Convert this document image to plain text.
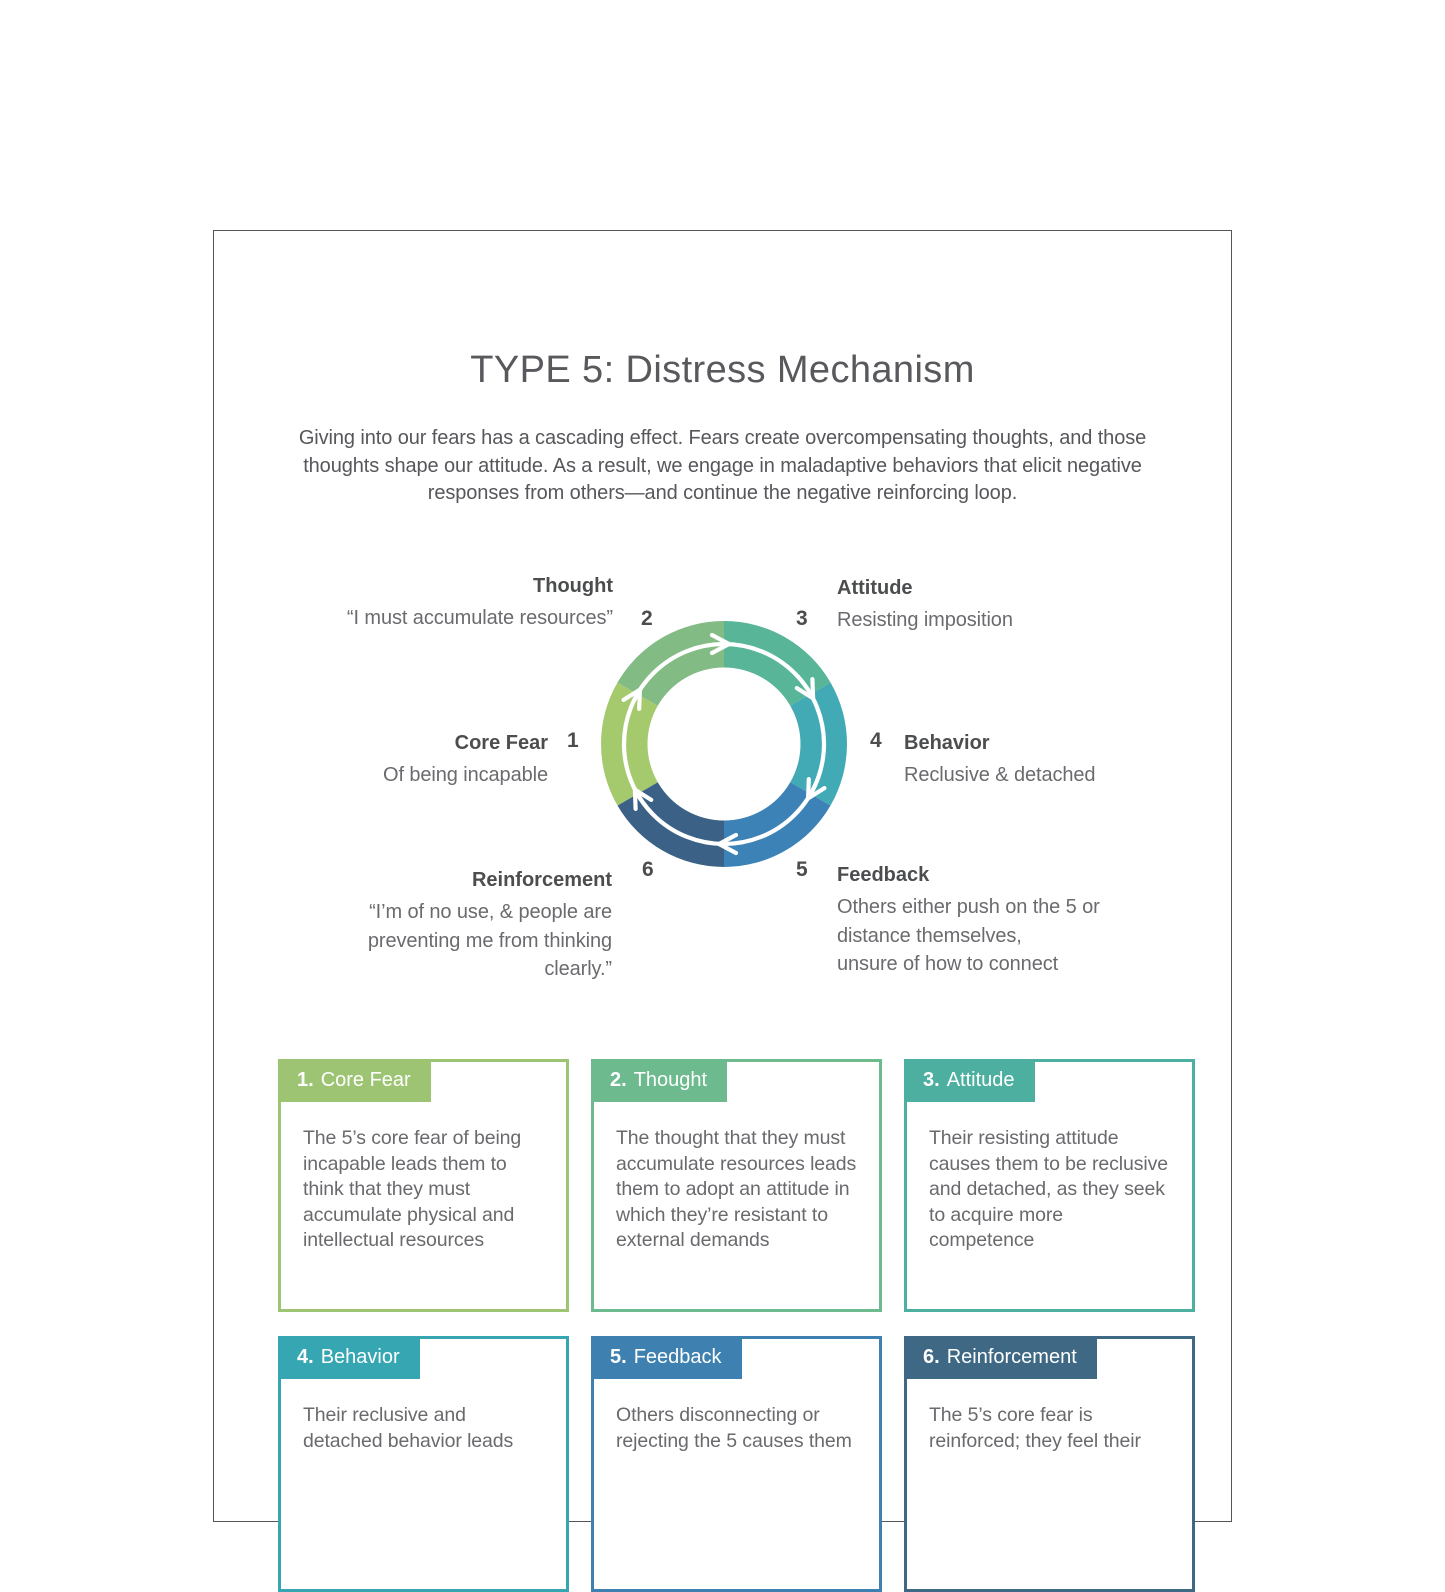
TYPE 5: Distress Mechanism

Giving into our fears has a cascading effect. Fears create overcompensating thoughts, and those thoughts shape our attitude. As a result, we engage in maladaptive behaviors that elicit negative responses from others—and continue the negative reinforcing loop.

1
2	3
4
5
6
Thought
“I must accumulate resources”
Attitude
Resisting imposition
Core Fear
Of being incapable
Behavior
Reclusive & detached
Reinforcement
“I’m of no use, & people are
preventing me from thinking
clearly.”
Feedback
Others either push on the 5 or
distance themselves,
unsure of how to connect
1. Core Fear
The 5’s core fear of being incapable leads them to think that they must accumulate physical and intellectual resources
2. Thought
The thought that they must accumulate resources leads them to adopt an attitude in which they’re resistant to external demands
3. Attitude
Their resisting attitude causes them to be reclusive and detached, as they seek to acquire more competence
4. Behavior
Their reclusive and detached behavior leads
5. Feedback
Others disconnecting or rejecting the 5 causes them
6. Reinforcement
The 5’s core fear is reinforced; they feel their
